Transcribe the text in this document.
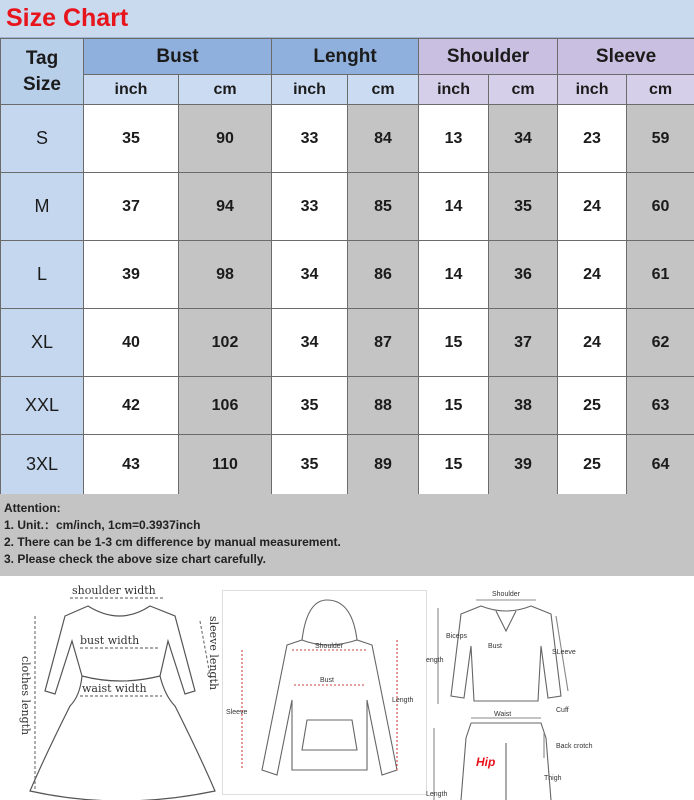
Size Chart
Tag
Size	Bust		Lenght		Shoulder		Sleeve	
	inch	cm	inch	cm	inch	cm	inch	cm
S	35	90	33	84	13	34	23	59
M	37	94	33	85	14	35	24	60
L	39	98	34	86	14	36	24	61
XL	40	102	34	87	15	37	24	62
XXL	42	106	35	88	15	38	25	63
3XL	43	110	35	89	15	39	25	64
Attention:
1. Unit.：cm/inch, 1cm=0.3937inch
2. There can be 1-3 cm difference by manual measurement.
3. Please check the above size chart carefully.
shoulder width
bust width
waist width	sleeve length
clothes length
Shoulder
Bust
Length
Sleeve
Shoulder
Biceps
Bust
SLeeve
ength
Cuff
Waist
Hip
Back crotch
Thigh
Length
